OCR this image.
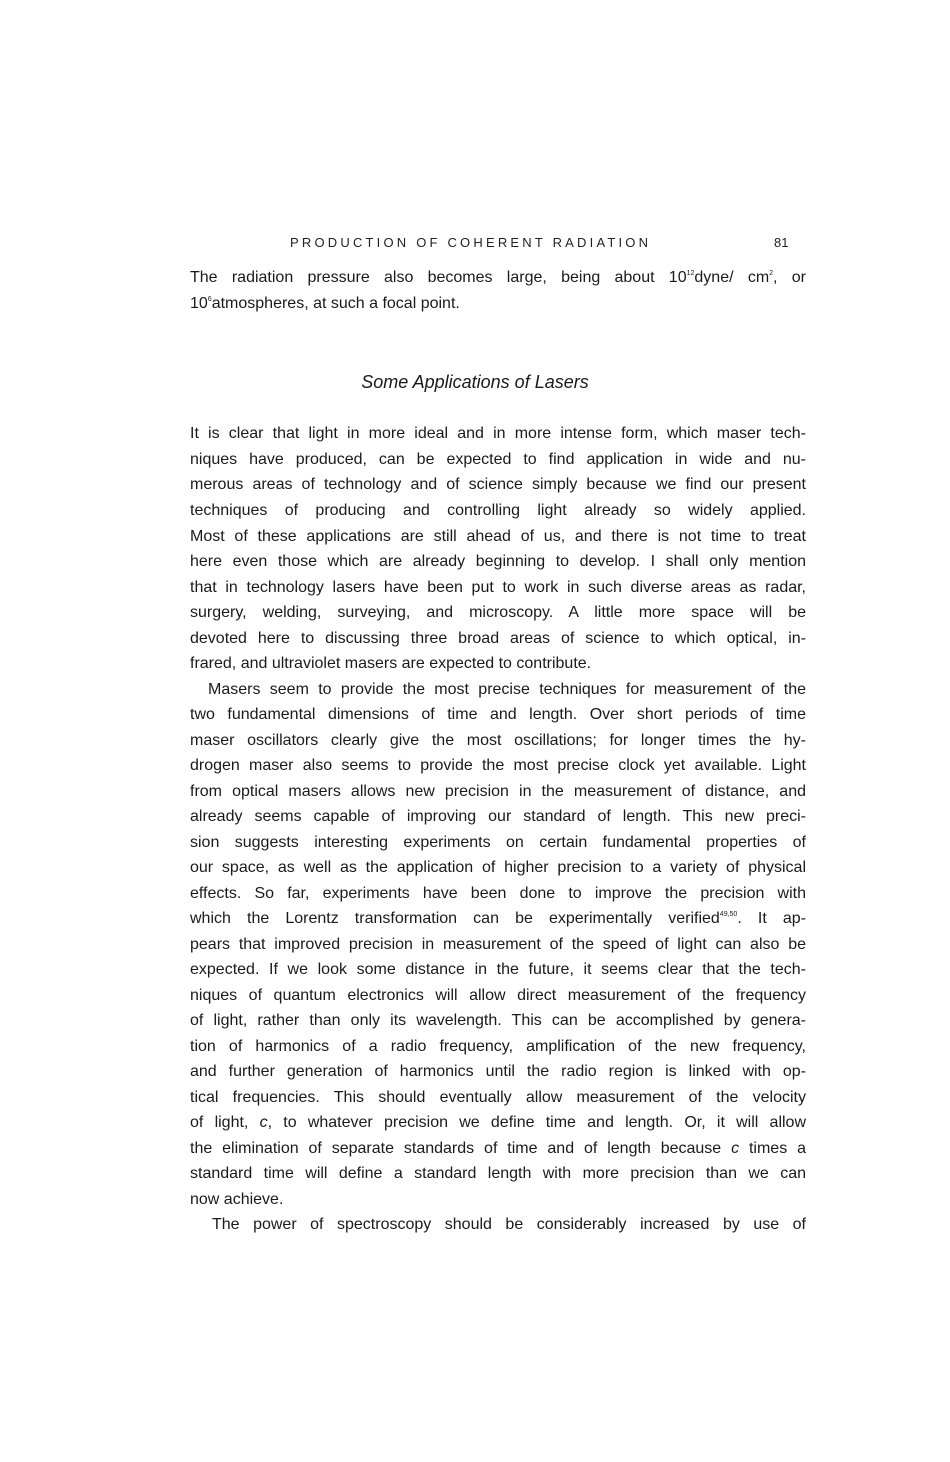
PRODUCTION OF COHERENT RADIATION	81
The radiation pressure also becomes large, being about $10^{12}dyne/$ $cm^2$, or
$10^6atmospheres$, at such a focal point.
Some Applications of Lasers
It is clear that light in more ideal and in more intense form, which maser tech-
niques have produced, can be expected to find application in wide and nu-
merous areas of technology and of science simply because we find our present
techniques of producing and controlling light already so widely applied.
Most of these applications are still ahead of us, and there is not time to treat
here even those which are already beginning to develop. I shall only mention
that in technology lasers have been put to work in such diverse areas as radar,
surgery, welding, surveying, and microscopy. A little more space will be
devoted here to discussing three broad areas of science to which optical, in-
frared, and ultraviolet masers are expected to contribute.
Masers seem to provide the most precise techniques for measurement of the
two fundamental dimensions of time and length. Over short periods of time
maser oscillators clearly give the most oscillations; for longer times the hy-
drogen maser also seems to provide the most precise clock yet available. Light
from optical masers allows new precision in the measurement of distance, and
already seems capable of improving our standard of length. This new preci-
sion suggests interesting experiments on certain fundamental properties of
our space, as well as the application of higher precision to a variety of physical
effects. So far, experiments have been done to improve the precision with
which the Lorentz transformation can be experimentally verified$^{49,50}$. It ap-
pears that improved precision in measurement of the speed of light can also be
expected. If we look some distance in the future, it seems clear that the tech-
niques of quantum electronics will allow direct measurement of the frequency
of light, rather than only its wavelength. This can be accomplished by genera-
tion of harmonics of a radio frequency, amplification of the new frequency,
and further generation of harmonics until the radio region is linked with op-
tical frequencies. This should eventually allow measurement of the velocity
of light, c, to whatever precision we define time and length. Or, it will allow
the elimination of separate standards of time and of length because c times a
standard time will define a standard length with more precision than we can
now achieve.
The power of spectroscopy should be considerably increased by use of
